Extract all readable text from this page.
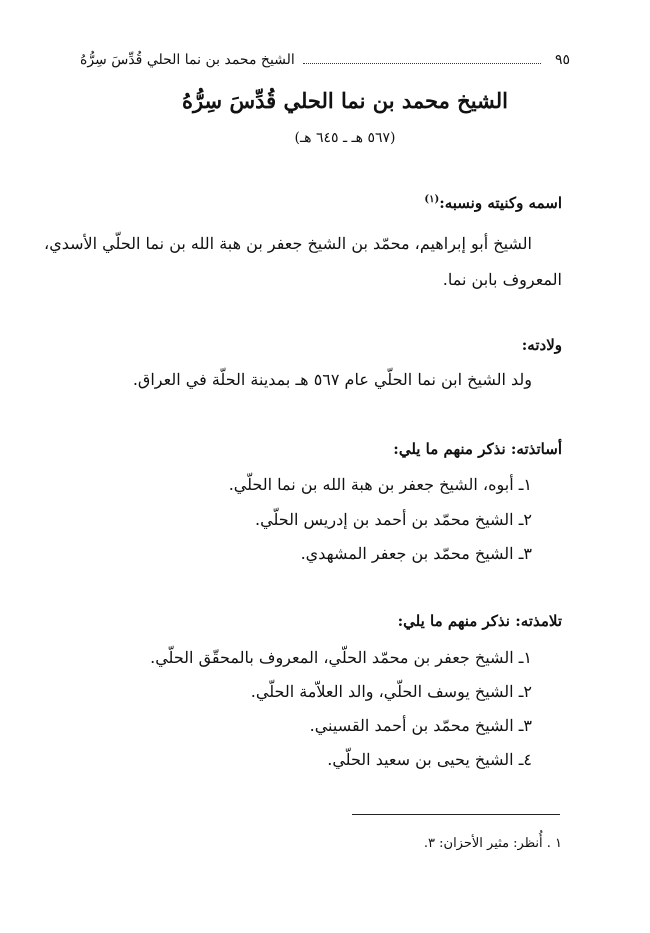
٩٥
الشيخ محمد بن نما الحلي قُدِّسَ سِرُّهُ
الشيخ محمد بن نما الحلي قُدِّسَ سِرُّهُ
(٥٦٧ هـ ـ ٦٤٥ هـ)
اسمه وكنيته ونسبه:$^{(١)}$
الشيخ أبو إبراهيم، محمّد بن الشيخ جعفر بن هبة الله بن نما الحلّي الأسدي،
المعروف بابن نما.
ولادته:
ولد الشيخ ابن نما الحلّي عام ٥٦٧ هـ بمدينة الحلّة في العراق.
أساتذته: نذكر منهم ما يلي:
١ـ أبوه، الشيخ جعفر بن هبة الله بن نما الحلّي.
٢ـ الشيخ محمّد بن أحمد بن إدريس الحلّي.
٣ـ الشيخ محمّد بن جعفر المشهدي.
تلامذته: نذكر منهم ما يلي:
١ـ الشيخ جعفر بن محمّد الحلّي، المعروف بالمحقّق الحلّي.
٢ـ الشيخ يوسف الحلّي، والد العلاّمة الحلّي.
٣ـ الشيخ محمّد بن أحمد القسيني.
٤ـ الشيخ يحيى بن سعيد الحلّي.
١ . أُنظر: مثير الأحزان: ٣.
